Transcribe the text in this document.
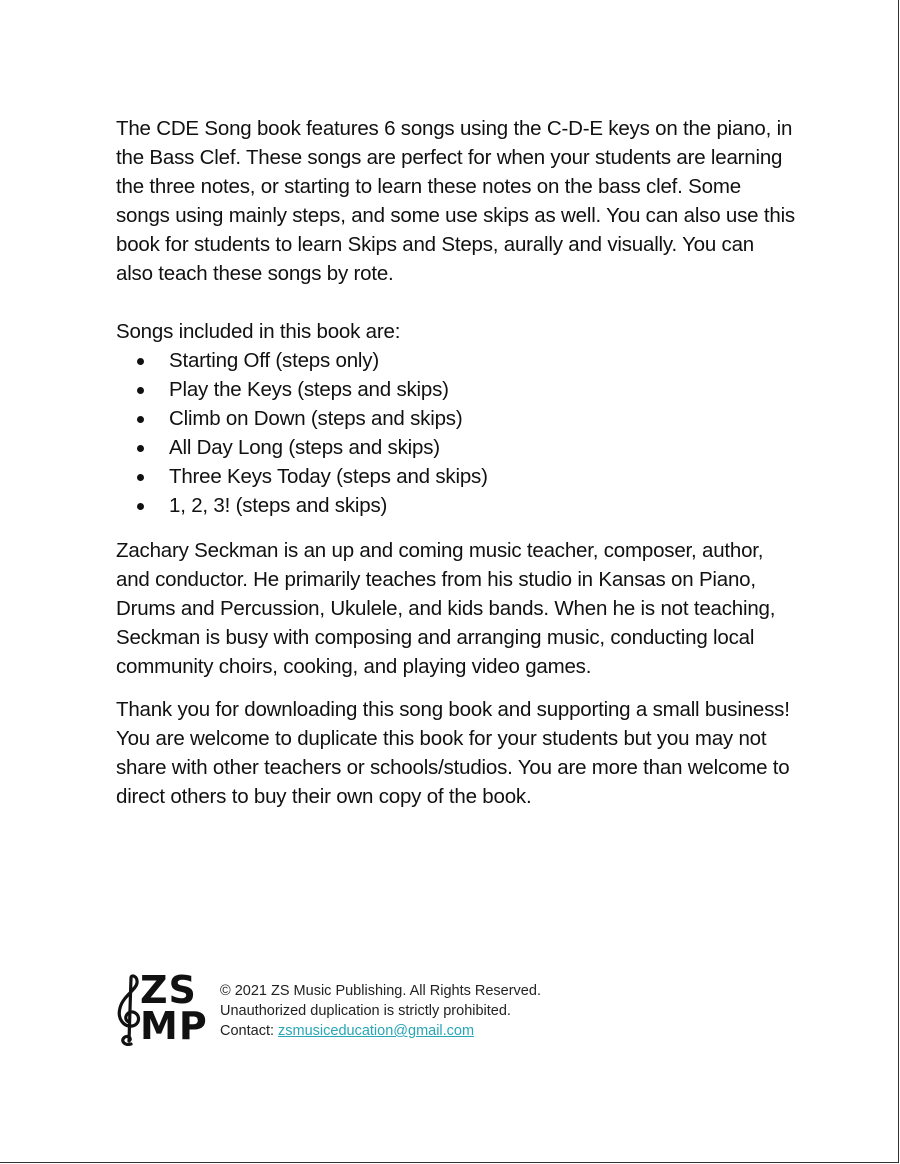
The CDE Song book features 6 songs using the C-D-E keys on the piano, in the Bass Clef. These songs are perfect for when your students are learning the three notes, or starting to learn these notes on the bass clef. Some songs using mainly steps, and some use skips as well. You can also use this book for students to learn Skips and Steps, aurally and visually. You can also teach these songs by rote.

Songs included in this book are:

Starting Off (steps only)
Play the Keys (steps and skips)
Climb on Down (steps and skips)
All Day Long (steps and skips)
Three Keys Today (steps and skips)
1, 2, 3! (steps and skips)

Zachary Seckman is an up and coming music teacher, composer, author, and conductor. He primarily teaches from his studio in Kansas on Piano, Drums and Percussion, Ukulele, and kids bands. When he is not teaching, Seckman is busy with composing and arranging music, conducting local community choirs, cooking, and playing video games.

Thank you for downloading this song book and supporting a small business! You are welcome to duplicate this book for your students but you may not share with other teachers or schools/studios. You are more than welcome to direct others to buy their own copy of the book.

ZS
MP
© 2021 ZS Music Publishing. All Rights Reserved.
Unauthorized duplication is strictly prohibited.
Contact: zsmusiceducation@gmail.com
